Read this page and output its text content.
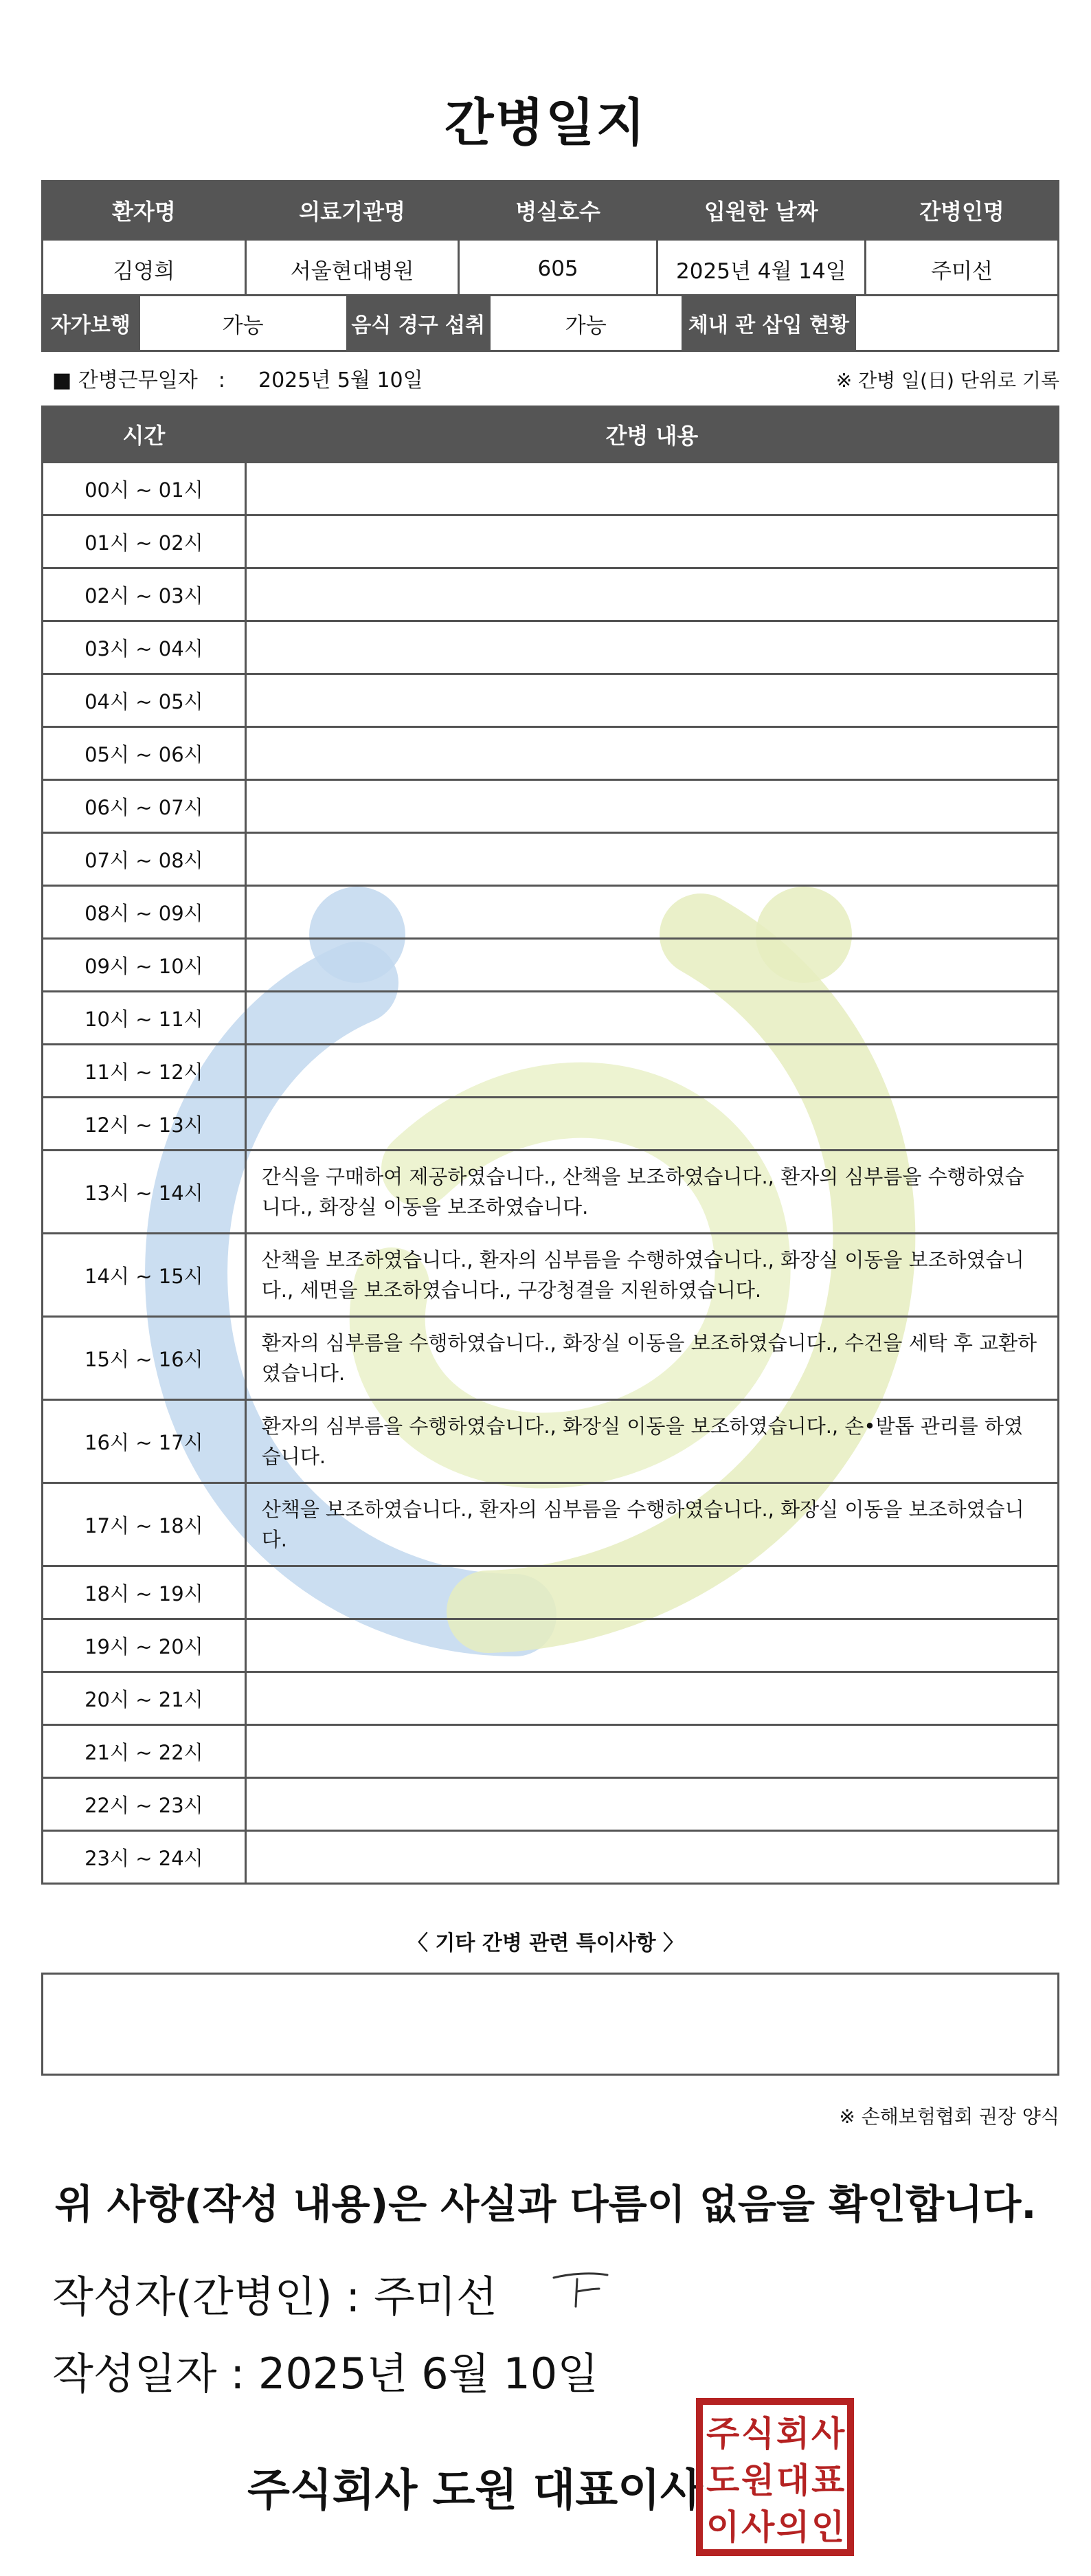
간병일지
환자명	의료기관명	병실호수	입원한 날짜	간병인명
김영희	서울현대병원	605	2025년 4월 14일	주미선
자가보행	가능	음식 경구 섭취	가능	체내 관 삽입 현황	
■ 간병근무일자　: 2025년 5월 10일	※ 간병 일(日) 단위로 기록
시간	간병 내용
00시 ~ 01시	
01시 ~ 02시	
02시 ~ 03시	
03시 ~ 04시	
04시 ~ 05시	
05시 ~ 06시	
06시 ~ 07시	
07시 ~ 08시	
08시 ~ 09시	
09시 ~ 10시	
10시 ~ 11시	
11시 ~ 12시	
12시 ~ 13시	
13시 ~ 14시	간식을 구매하여 제공하였습니다., 산책을 보조하였습니다., 환자의 심부름을 수행하였습니다., 화장실 이동을 보조하였습니다.
14시 ~ 15시	산책을 보조하였습니다., 환자의 심부름을 수행하였습니다., 화장실 이동을 보조하였습니다., 세면을 보조하였습니다., 구강청결을 지원하였습니다.
15시 ~ 16시	환자의 심부름을 수행하였습니다., 화장실 이동을 보조하였습니다., 수건을 세탁 후 교환하였습니다.
16시 ~ 17시	환자의 심부름을 수행하였습니다., 화장실 이동을 보조하였습니다., 손•발톱 관리를 하였습니다.
17시 ~ 18시	산책을 보조하였습니다., 환자의 심부름을 수행하였습니다., 화장실 이동을 보조하였습니다.
18시 ~ 19시	
19시 ~ 20시	
20시 ~ 21시	
21시 ~ 22시	
22시 ~ 23시	
23시 ~ 24시	
〈 기타 간병 관련 특이사항 〉
※ 손해보험협회 권장 양식
위 사항(작성 내용)은 사실과 다름이 없음을 확인합니다.
작성자(간병인) : 주미선
작성일자 : 2025년 6월 10일
주식회사 도원 대표이사
주 식 회 사
도 원 대 표
이 사 의 인
